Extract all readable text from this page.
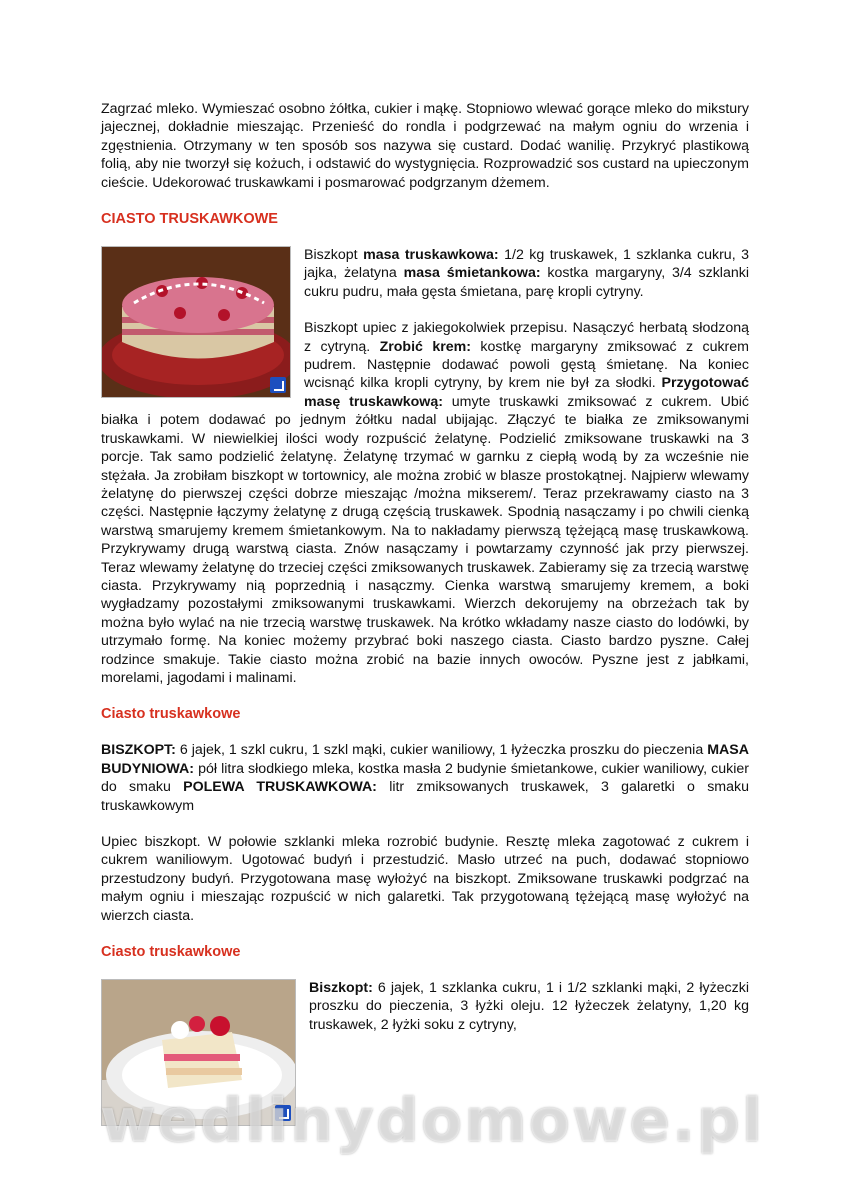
Zagrzać mleko. Wymieszać osobno żółtka, cukier i mąkę. Stopniowo wlewać gorące mleko do mikstury jajecznej, dokładnie mieszając. Przenieść do rondla i podgrzewać na małym ogniu do wrzenia i zgęstnienia. Otrzymany w ten sposób sos nazywa się custard. Dodać wanilię. Przykryć plastikową folią, aby nie tworzył się kożuch, i odstawić do wystygnięcia. Rozprowadzić sos custard na upieczonym cieście. Udekorować truskawkami i posmarować podgrzanym dżemem.

CIASTO TRUSKAWKOWE

Biszkopt masa truskawkowa: 1/2 kg truskawek, 1 szklanka cukru, 3 jajka, żelatyna masa śmietankowa: kostka margaryny, 3/4 szklanki cukru pudru, mała gęsta śmietana, parę kropli cytryny.

Biszkopt upiec z jakiegokolwiek przepisu. Nasączyć herbatą słodzoną z cytryną. Zrobić krem: kostkę margaryny zmiksować z cukrem pudrem. Następnie dodawać powoli gęstą śmietanę. Na koniec wcisnąć kilka kropli cytryny, by krem nie był za słodki. Przygotować masę truskawkową: umyte truskawki zmiksować z cukrem. Ubić białka i potem dodawać po jednym żółtku nadal ubijając. Złączyć te białka ze zmiksowanymi truskawkami. W niewielkiej ilości wody rozpuścić żelatynę. Podzielić zmiksowane truskawki na 3 porcje. Tak samo podzielić żelatynę. Żelatynę trzymać w garnku z ciepłą wodą by za wcześnie nie stężała. Ja zrobiłam biszkopt w tortownicy, ale można zrobić w blasze prostokątnej. Najpierw wlewamy żelatynę do pierwszej części dobrze mieszając /można mikserem/. Teraz przekrawamy ciasto na 3 części. Następnie łączymy żelatynę z drugą częścią truskawek. Spodnią nasączamy i po chwili cienką warstwą smarujemy kremem śmietankowym. Na to nakładamy pierwszą tężejącą masę truskawkową. Przykrywamy drugą warstwą ciasta. Znów nasączamy i powtarzamy czynność jak przy pierwszej. Teraz wlewamy żelatynę do trzeciej części zmiksowanych truskawek. Zabieramy się za trzecią warstwę ciasta. Przykrywamy nią poprzednią i nasączmy. Cienka warstwą smarujemy kremem, a boki wygładzamy pozostałymi zmiksowanymi truskawkami. Wierzch dekorujemy na obrzeżach tak by można było wylać na nie trzecią warstwę truskawek. Na krótko wkładamy nasze ciasto do lodówki, by utrzymało formę. Na koniec możemy przybrać boki naszego ciasta. Ciasto bardzo pyszne. Całej rodzince smakuje. Takie ciasto można zrobić na bazie innych owoców. Pyszne jest z jabłkami, morelami, jagodami i malinami.

Ciasto truskawkowe

BISZKOPT: 6 jajek, 1 szkl cukru, 1 szkl mąki, cukier waniliowy, 1 łyżeczka proszku do pieczenia MASA BUDYNIOWA: pół litra słodkiego mleka, kostka masła 2 budynie śmietankowe, cukier waniliowy, cukier do smaku POLEWA TRUSKAWKOWA: litr zmiksowanych truskawek, 3 galaretki o smaku truskawkowym

Upiec biszkopt. W połowie szklanki mleka rozrobić budynie. Resztę mleka zagotować z cukrem i cukrem waniliowym. Ugotować budyń i przestudzić. Masło utrzeć na puch, dodawać stopniowo przestudzony budyń. Przygotowana masę wyłożyć na biszkopt. Zmiksowane truskawki podgrzać na małym ogniu i mieszając rozpuścić w nich galaretki. Tak przygotowaną tężejącą masę wyłożyć na wierzch ciasta.

Ciasto truskawkowe

Biszkopt: 6 jajek, 1 szklanka cukru, 1 i 1/2 szklanki mąki, 2 łyżeczki proszku do pieczenia, 3 łyżki oleju. 12 łyżeczek żelatyny, 1,20 kg truskawek, 2 łyżki soku z cytryny,

wedlinydomowe.pl
